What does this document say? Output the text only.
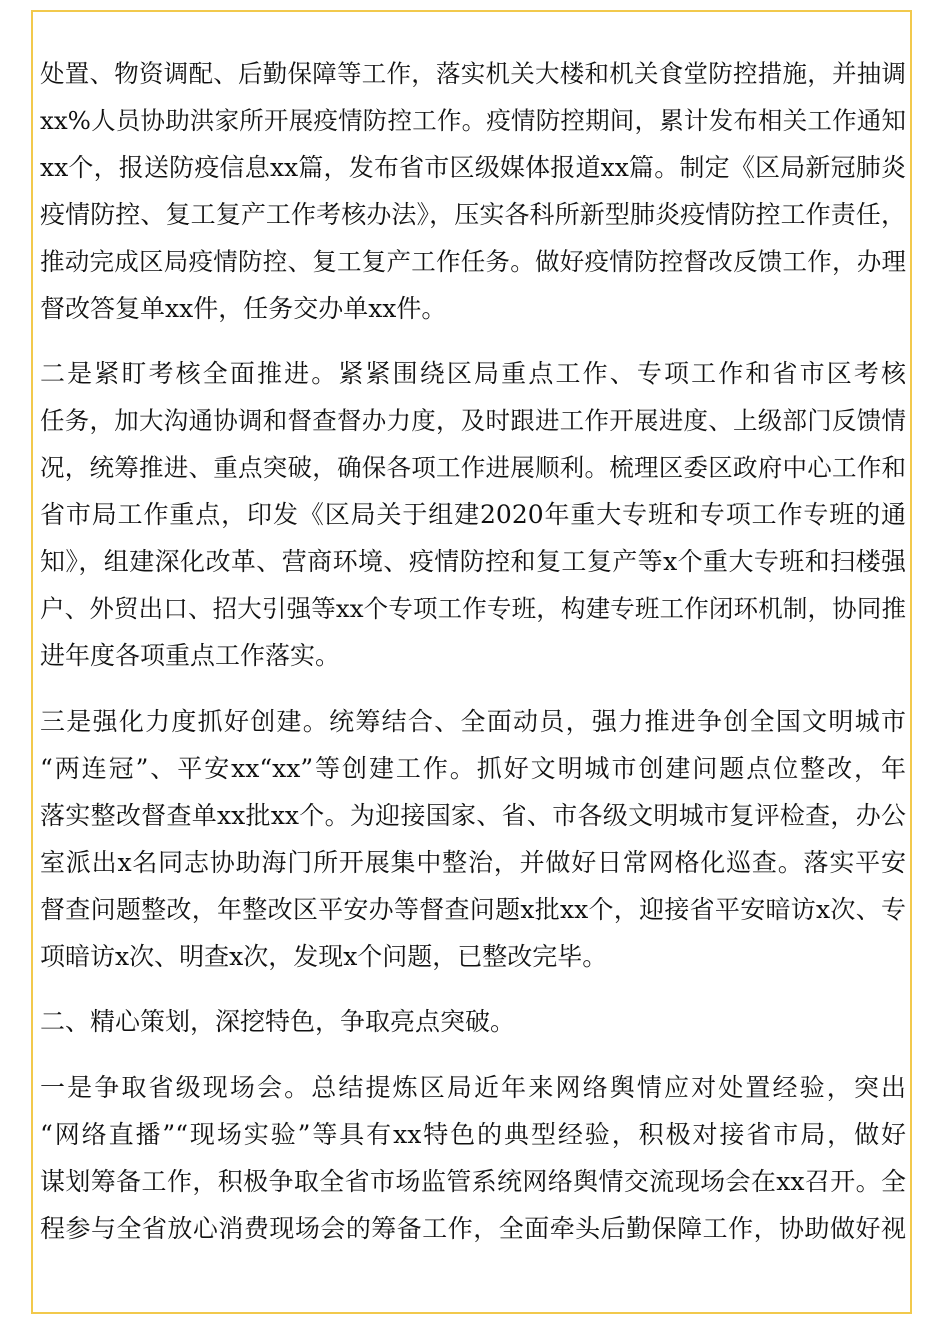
处置、物资调配、后勤保障等工作，落实机关大楼和机关食堂防控措施，并抽调
xx%人员协助洪家所开展疫情防控工作。疫情防控期间，累计发布相关工作通知
xx个，报送防疫信息xx篇，发布省市区级媒体报道xx篇。制定《区局新冠肺炎
疫情防控、复工复产工作考核办法》，压实各科所新型肺炎疫情防控工作责任，
推动完成区局疫情防控、复工复产工作任务。做好疫情防控督改反馈工作，办理
督改答复单xx件，任务交办单xx件。
二是紧盯考核全面推进。紧紧围绕区局重点工作、专项工作和省市区考核
任务，加大沟通协调和督查督办力度，及时跟进工作开展进度、上级部门反馈情
况，统筹推进、重点突破，确保各项工作进展顺利。梳理区委区政府中心工作和
省市局工作重点，印发《区局关于组建2020年重大专班和专项工作专班的通
知》，组建深化改革、营商环境、疫情防控和复工复产等x个重大专班和扫楼强
户、外贸出口、招大引强等xx个专项工作专班，构建专班工作闭环机制，协同推
进年度各项重点工作落实。
三是强化力度抓好创建。统筹结合、全面动员，强力推进争创全国文明城市
“两连冠”、平安xx“xx”等创建工作。抓好文明城市创建问题点位整改，年
落实整改督查单xx批xx个。为迎接国家、省、市各级文明城市复评检查，办公
室派出x名同志协助海门所开展集中整治，并做好日常网格化巡查。落实平安
督查问题整改，年整改区平安办等督查问题x批xx个，迎接省平安暗访x次、专
项暗访x次、明查x次，发现x个问题，已整改完毕。
二、精心策划，深挖特色，争取亮点突破。
一是争取省级现场会。总结提炼区局近年来网络舆情应对处置经验，突出
“网络直播”“现场实验”等具有xx特色的典型经验，积极对接省市局，做好
谋划筹备工作，积极争取全省市场监管系统网络舆情交流现场会在xx召开。全
程参与全省放心消费现场会的筹备工作，全面牵头后勤保障工作，协助做好视
